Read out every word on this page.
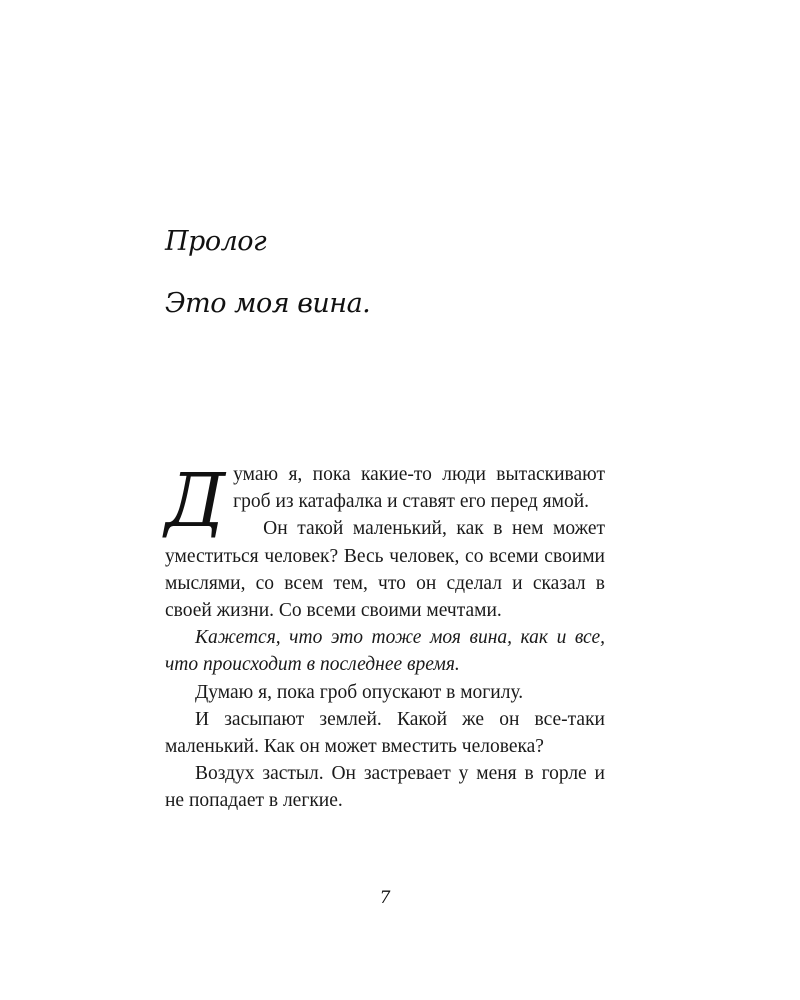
Пролог
Это моя вина.

Думаю я, пока какие-то люди вытаскивают гроб из катафалка и ставят его перед ямой.

Он такой маленький, как в нем может уместиться человек? Весь человек, со всеми своими мыслями, со всем тем, что он сделал и сказал в своей жизни. Со всеми своими мечтами.

Кажется, что это тоже моя вина, как и все, что происходит в последнее время.

Думаю я, пока гроб опускают в могилу.

И засыпают землей. Какой же он все-таки маленький. Как он может вместить человека?

Воздух застыл. Он застревает у меня в горле и не попадает в легкие.

7
